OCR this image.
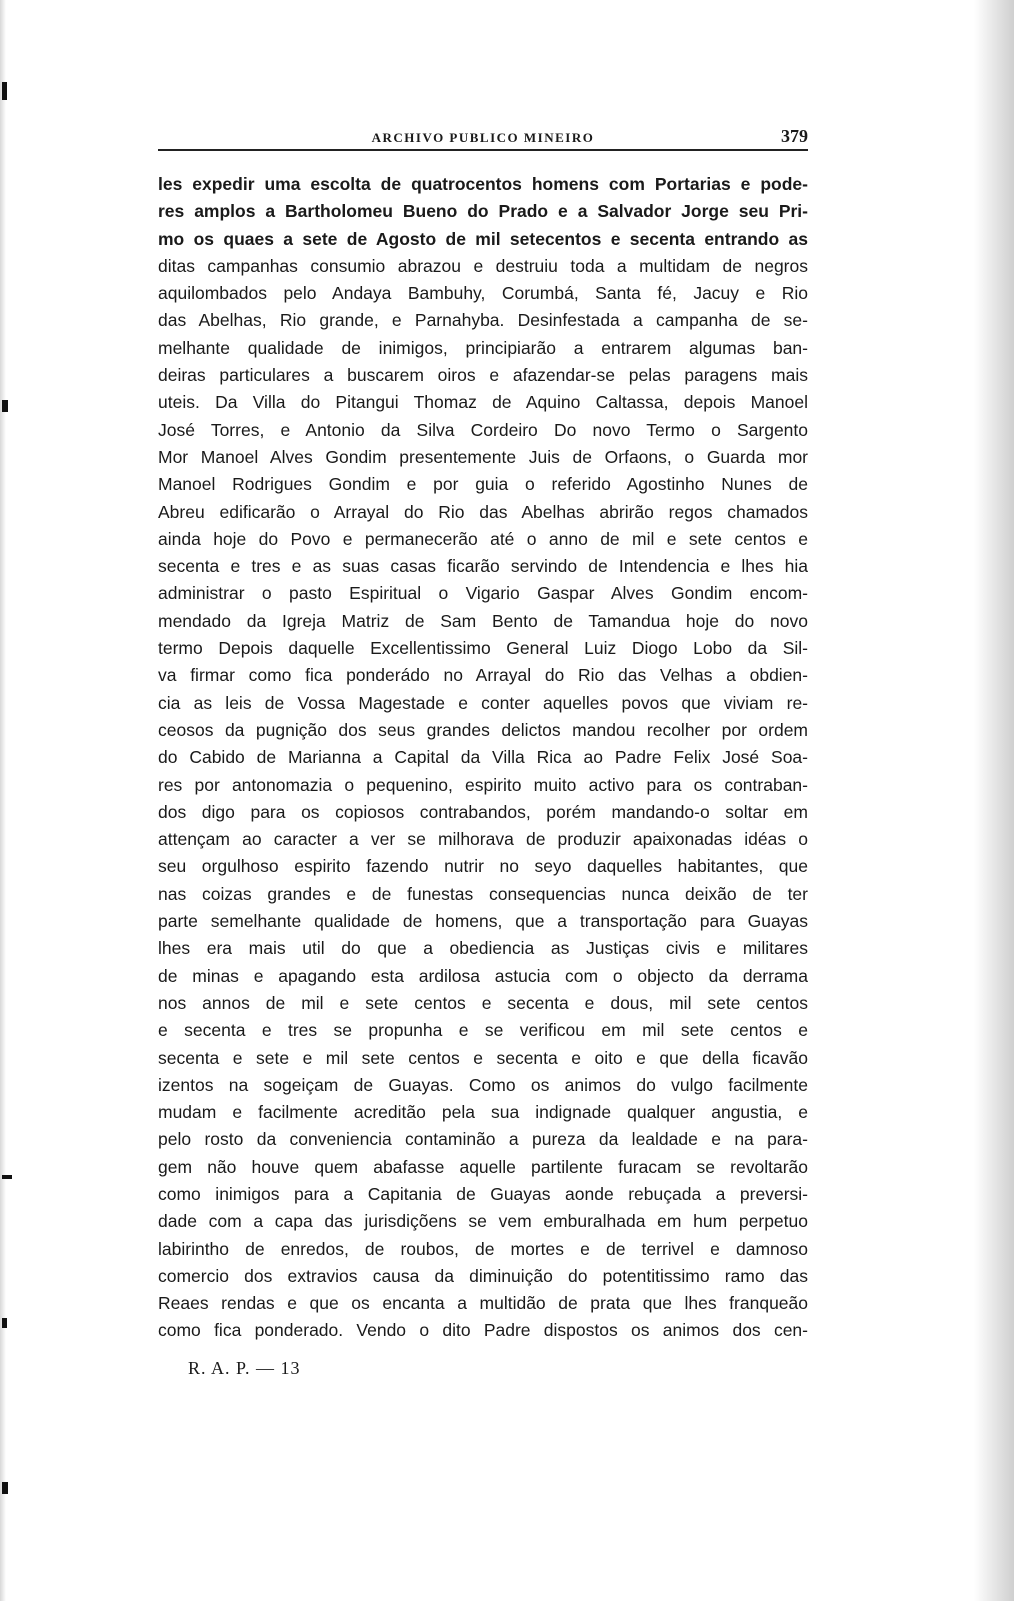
ARCHIVO PUBLICO MINEIRO	379
les expedir uma escolta de quatrocentos homens com Portarias e pode-
res amplos a Bartholomeu Bueno do Prado e a Salvador Jorge seu Pri-
mo os quaes a sete de Agosto de mil setecentos e secenta entrando as
ditas campanhas consumio abrazou e destruiu toda a multidam de negros
aquilombados pelo Andaya Bambuhy, Corumbá, Santa fé, Jacuy e Rio
das Abelhas, Rio grande, e Parnahyba. Desinfestada a campanha de se-
melhante qualidade de inimigos, principiarão a entrarem algumas ban-
deiras particulares a buscarem oiros e afazendar-se pelas paragens mais
uteis. Da Villa do Pitangui Thomaz de Aquino Caltassa, depois Manoel
José Torres, e Antonio da Silva Cordeiro Do novo Termo o Sargento
Mor Manoel Alves Gondim presentemente Juis de Orfaons, o Guarda mor
Manoel Rodrigues Gondim e por guia o referido Agostinho Nunes de
Abreu edificarão o Arrayal do Rio das Abelhas abrirão regos chamados
ainda hoje do Povo e permanecerão até o anno de mil e sete centos e
secenta e tres e as suas casas ficarão servindo de Intendencia e lhes hia
administrar o pasto Espiritual o Vigario Gaspar Alves Gondim encom-
mendado da Igreja Matriz de Sam Bento de Tamandua hoje do novo
termo Depois daquelle Excellentissimo General Luiz Diogo Lobo da Sil-
va firmar como fica ponderádo no Arrayal do Rio das Velhas a obdien-
cia as leis de Vossa Magestade e conter aquelles povos que viviam re-
ceosos da pugnição dos seus grandes delictos mandou recolher por ordem
do Cabido de Marianna a Capital da Villa Rica ao Padre Felix José Soa-
res por antonomazia o pequenino, espirito muito activo para os contraban-
dos digo para os copiosos contrabandos, porém mandando-o soltar em
attençam ao caracter a ver se milhorava de produzir apaixonadas idéas o
seu orgulhoso espirito fazendo nutrir no seyo daquelles habitantes, que
nas coizas grandes e de funestas consequencias nunca deixão de ter
parte semelhante qualidade de homens, que a transportação para Guayas
lhes era mais util do que a obediencia as Justiças civis e militares
de minas e apagando esta ardilosa astucia com o objecto da derrama
nos annos de mil e sete centos e secenta e dous, mil sete centos
e secenta e tres se propunha e se verificou em mil sete centos e
secenta e sete e mil sete centos e secenta e oito e que della ficavão
izentos na sogeiçam de Guayas. Como os animos do vulgo facilmente
mudam e facilmente acreditão pela sua indignade qualquer angustia, e
pelo rosto da conveniencia contaminão a pureza da lealdade e na para-
gem não houve quem abafasse aquelle partilente furacam se revoltarão
como inimigos para a Capitania de Guayas aonde rebuçada a preversi-
dade com a capa das jurisdiçõens se vem emburalhada em hum perpetuo
labirintho de enredos, de roubos, de mortes e de terrivel e damnoso
comercio dos extravios causa da diminuição do potentitissimo ramo das
Reaes rendas e que os encanta a multidão de prata que lhes franqueão
como fica ponderado. Vendo o dito Padre dispostos os animos dos cen-
R. A. P. — 13
